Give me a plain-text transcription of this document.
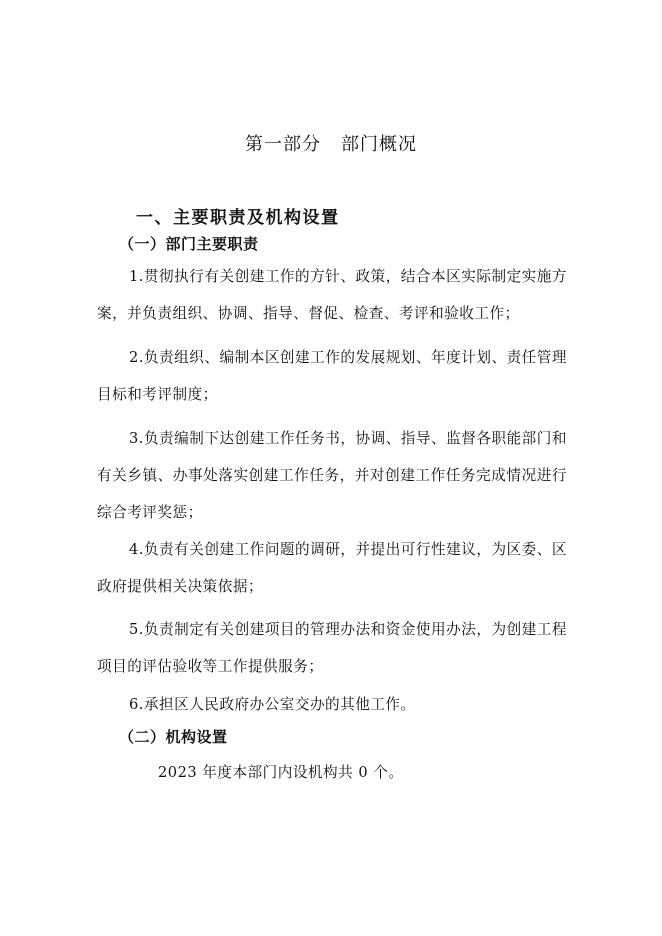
第一部分 部门概况
一、主要职责及机构设置
（一）部门主要职责
1.贯彻执行有关创建工作的方针、政策，结合本区实际制定实施方案，并负责组织、协调、指导、督促、检查、考评和验收工作；
2.负责组织、编制本区创建工作的发展规划、年度计划、责任管理目标和考评制度；
3.负责编制下达创建工作任务书，协调、指导、监督各职能部门和有关乡镇、办事处落实创建工作任务，并对创建工作任务完成情况进行综合考评奖惩；
4.负责有关创建工作问题的调研，并提出可行性建议，为区委、区政府提供相关决策依据；
5.负责制定有关创建项目的管理办法和资金使用办法，为创建工程项目的评估验收等工作提供服务；
6.承担区人民政府办公室交办的其他工作。
（二）机构设置
2023 年度本部门内设机构共 0 个。
